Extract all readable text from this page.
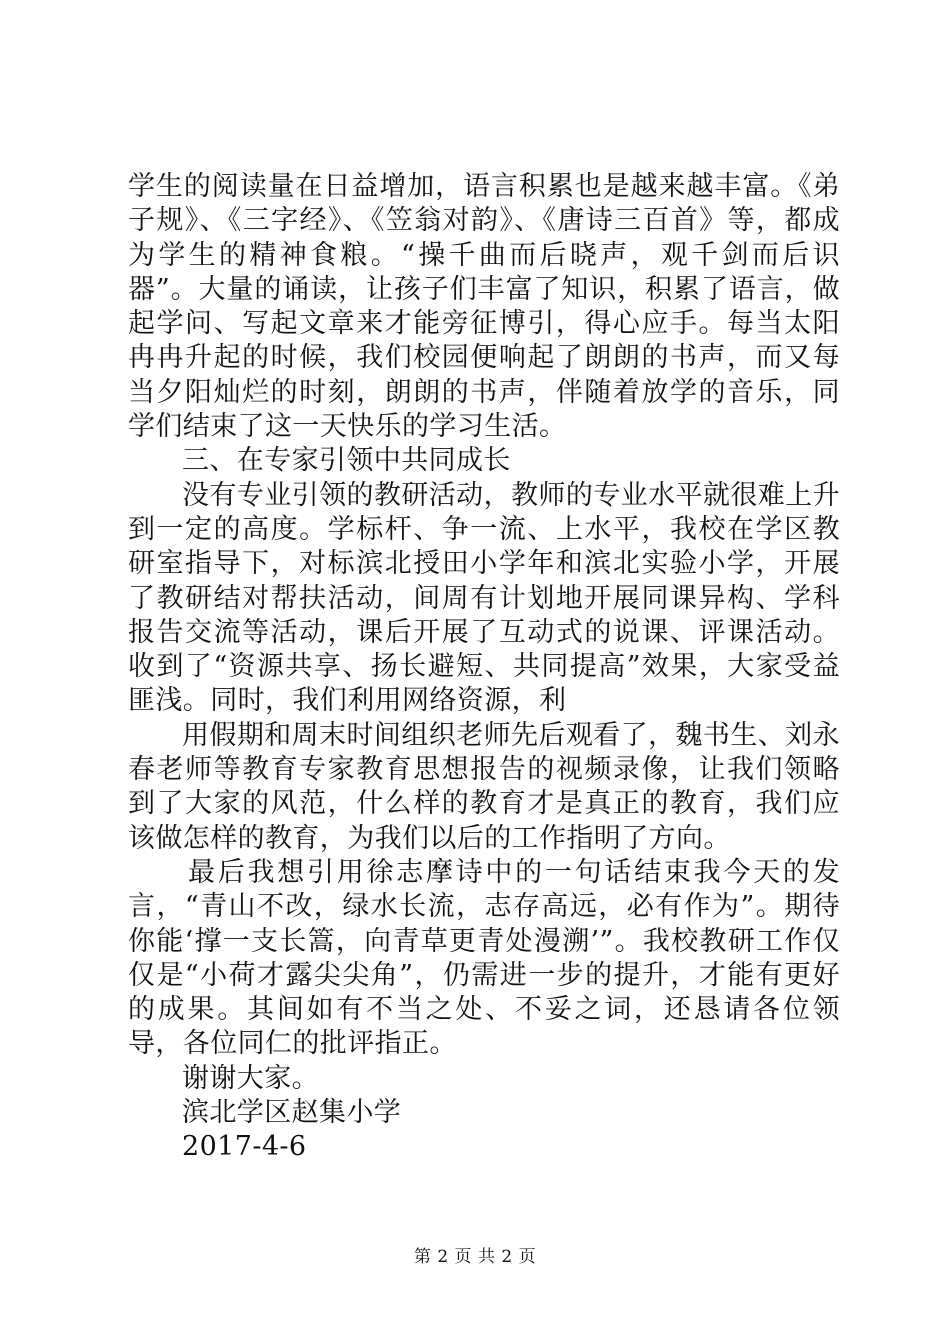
学生的阅读量在日益增加，语言积累也是越来越丰富。《弟子规》、《三字经》、《笠翁对韵》、《唐诗三百首》等，都成为学生的精神食粮。“操千曲而后晓声，观千剑而后识器”。大量的诵读，让孩子们丰富了知识，积累了语言，做起学问、写起文章来才能旁征博引，得心应手。每当太阳冉冉升起的时候，我们校园便响起了朗朗的书声，而又每当夕阳灿烂的时刻，朗朗的书声，伴随着放学的音乐，同学们结束了这一天快乐的学习生活。

三、在专家引领中共同成长

没有专业引领的教研活动，教师的专业水平就很难上升到一定的高度。学标杆、争一流、上水平，我校在学区教研室指导下，对标滨北授田小学年和滨北实验小学，开展了教研结对帮扶活动，间周有计划地开展同课异构、学科报告交流等活动，课后开展了互动式的说课、评课活动。收到了“资源共享、扬长避短、共同提高”效果，大家受益匪浅。同时，我们利用网络资源，利

用假期和周末时间组织老师先后观看了，魏书生、刘永春老师等教育专家教育思想报告的视频录像，让我们领略到了大家的风范，什么样的教育才是真正的教育，我们应该做怎样的教育，为我们以后的工作指明了方向。

最后我想引用徐志摩诗中的一句话结束我今天的发言，“青山不改，绿水长流，志存高远，必有作为”。期待你能‘撑一支长篙，向青草更青处漫溯’”。我校教研工作仅仅是“小荷才露尖尖角”，仍需进一步的提升，才能有更好的成果。其间如有不当之处、不妥之词，还恳请各位领导，各位同仁的批评指正。

谢谢大家。

滨北学区赵集小学

2017-4-6

第 2 页 共 2 页
